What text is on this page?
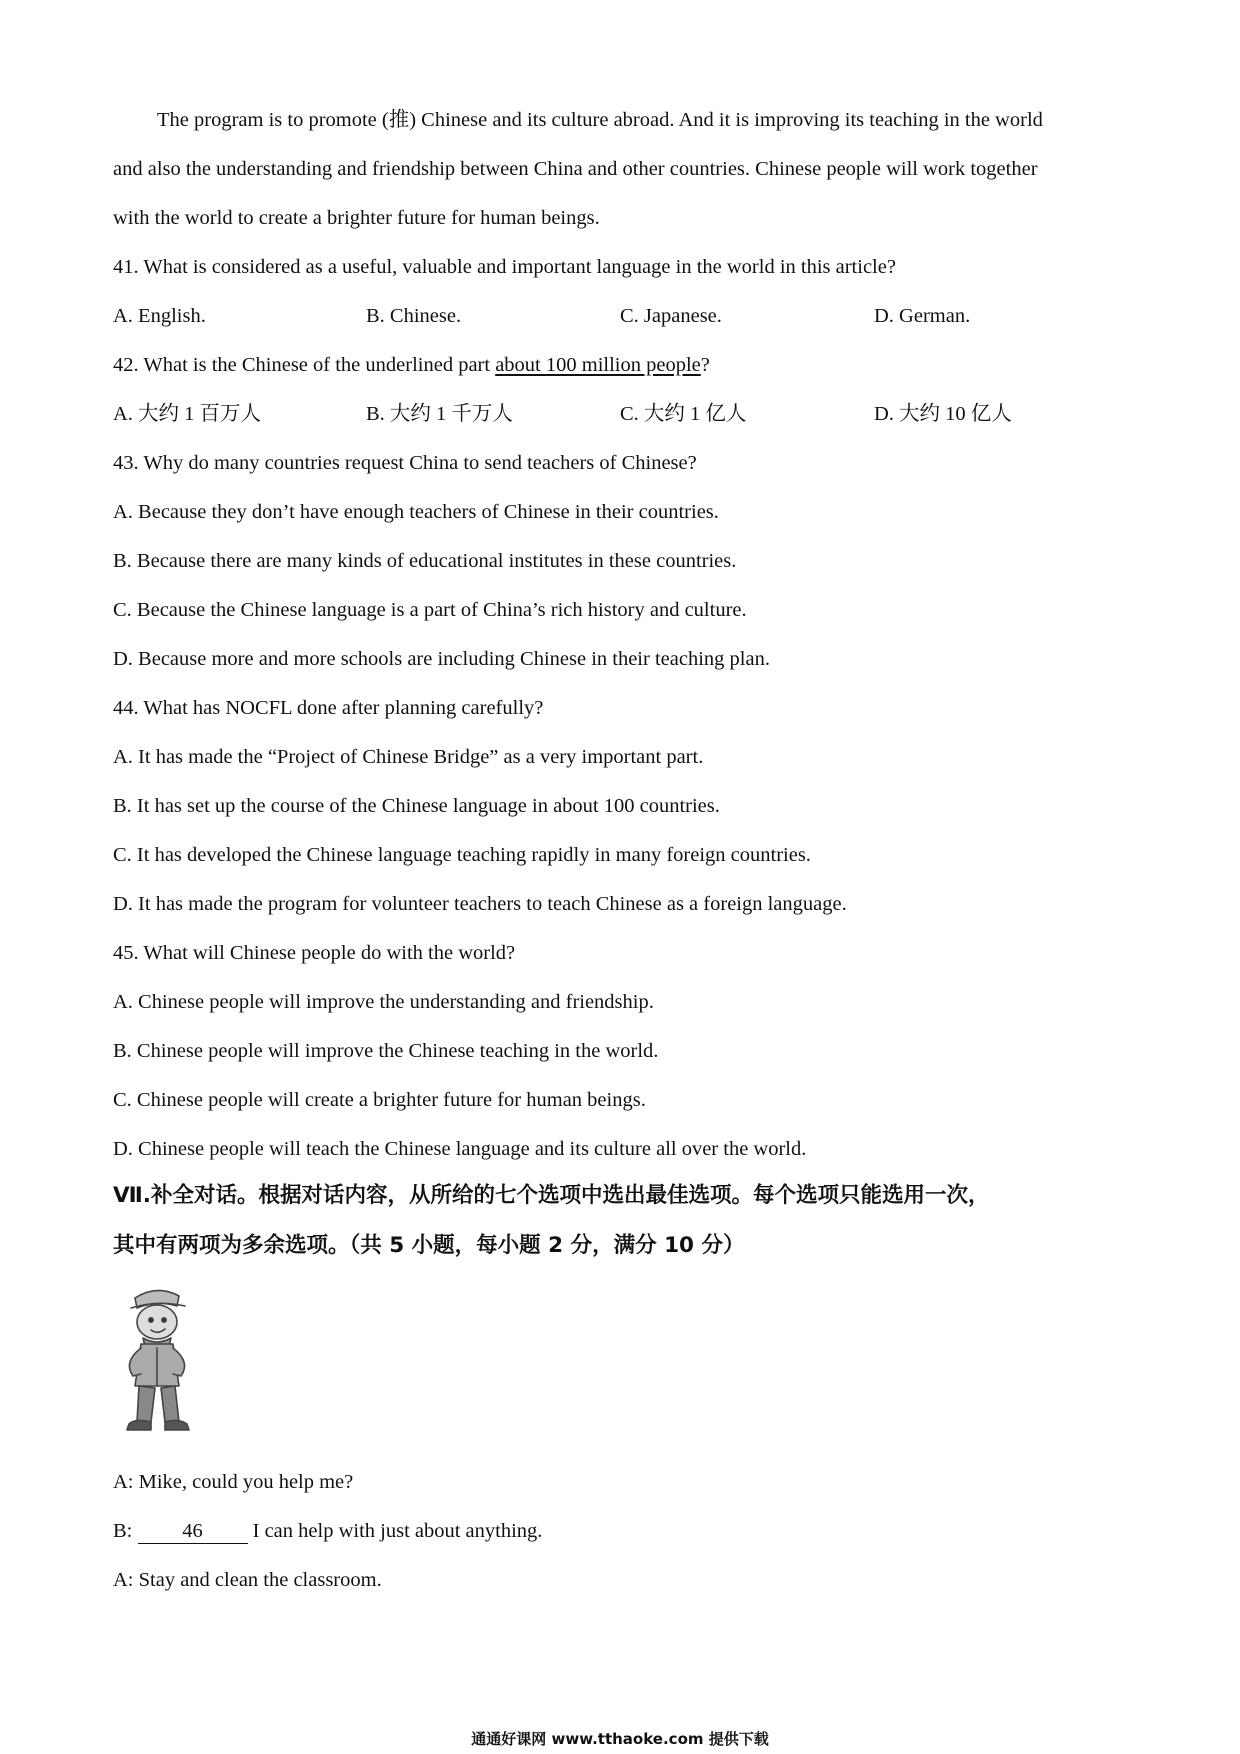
The program is to promote (推) Chinese and its culture abroad. And it is improving its teaching in the world
and also the understanding and friendship between China and other countries. Chinese people will work together
with the world to create a brighter future for human beings.
41. What is considered as a useful, valuable and important language in the world in this article?
A. English.	B. Chinese.	C. Japanese.	D. German.
42. What is the Chinese of the underlined part about 100 million people?
A. 大约 1 百万人	B. 大约 1 千万人	C. 大约 1 亿人	D. 大约 10 亿人
43. Why do many countries request China to send teachers of Chinese?
A. Because they don’t have enough teachers of Chinese in their countries.
B. Because there are many kinds of educational institutes in these countries.
C. Because the Chinese language is a part of China’s rich history and culture.
D. Because more and more schools are including Chinese in their teaching plan.
44. What has NOCFL done after planning carefully?
A. It has made the “Project of Chinese Bridge” as a very important part.
B. It has set up the course of the Chinese language in about 100 countries.
C. It has developed the Chinese language teaching rapidly in many foreign countries.
D. It has made the program for volunteer teachers to teach Chinese as a foreign language.
45. What will Chinese people do with the world?
A. Chinese people will improve the understanding and friendship.
B. Chinese people will improve the Chinese teaching in the world.
C. Chinese people will create a brighter future for human beings.
D. Chinese people will teach the Chinese language and its culture all over the world.
Ⅶ.补全对话。根据对话内容，从所给的七个选项中选出最佳选项。每个选项只能选用一次，
其中有两项为多余选项。（共 5 小题，每小题 2 分，满分 10 分）
A: Mike, could you help me?
B: 46 I can help with just about anything.
A: Stay and clean the classroom.
通通好课网 www.tthaoke.com 提供下载
